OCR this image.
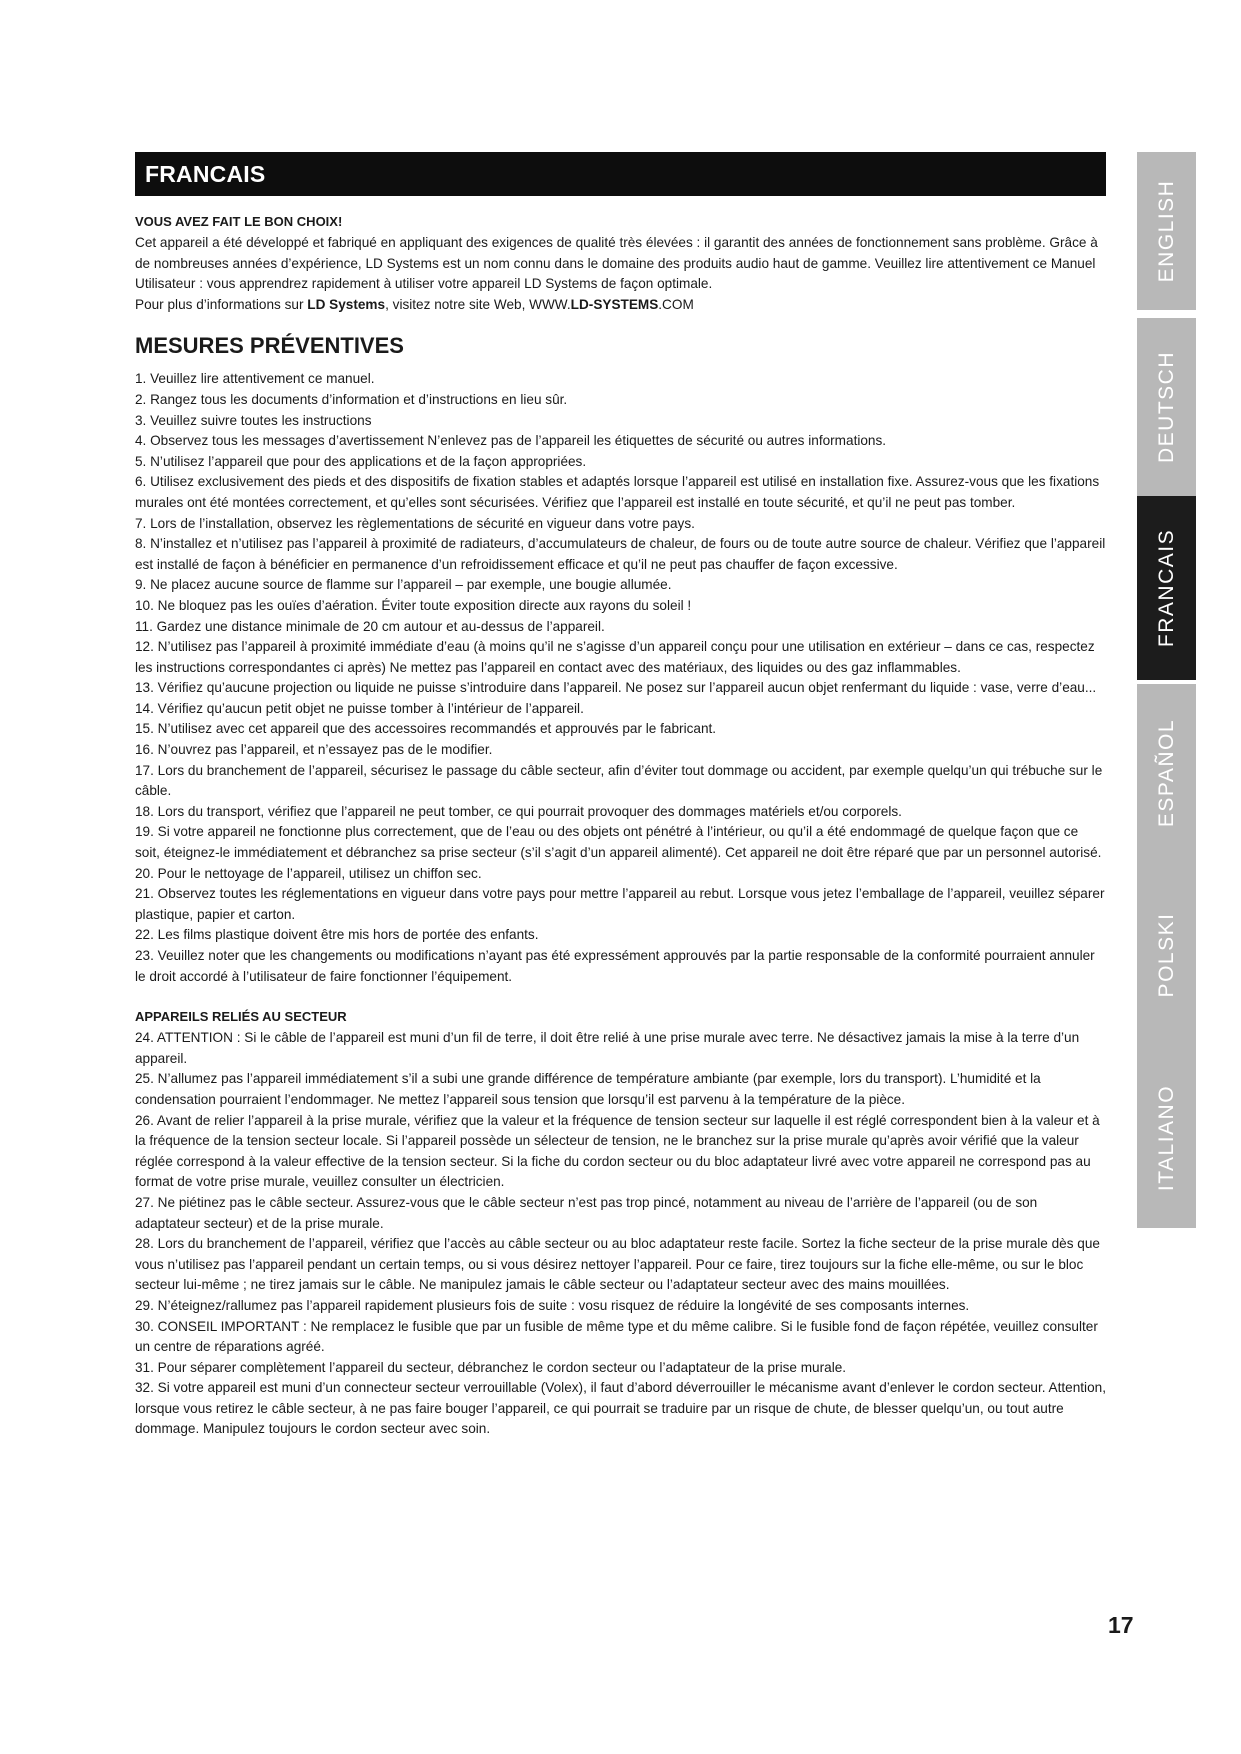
FRANCAIS
VOUS AVEZ FAIT LE BON CHOIX!

Cet appareil a été développé et fabriqué en appliquant des exigences de qualité très élevées : il garantit des années de fonctionnement sans problème. Grâce à de nombreuses années d’expérience, LD Systems est un nom connu dans le domaine des produits audio haut de gamme. Veuillez lire attentivement ce Manuel Utilisateur : vous apprendrez rapidement à utiliser votre appareil LD Systems de façon optimale.

Pour plus d’informations sur LD Systems, visitez notre site Web, WWW.LD-SYSTEMS.COM

MESURES PRÉVENTIVES
1. Veuillez lire attentivement ce manuel.
2. Rangez tous les documents d’information et d’instructions en lieu sûr.
3. Veuillez suivre toutes les instructions
4. Observez tous les messages d’avertissement N’enlevez pas de l’appareil les étiquettes de sécurité ou autres informations.
5. N’utilisez l’appareil que pour des applications et de la façon appropriées.
6. Utilisez exclusivement des pieds et des dispositifs de fixation stables et adaptés lorsque l’appareil est utilisé en installation fixe. Assurez-vous que les fixations murales ont été montées correctement, et qu’elles sont sécurisées. Vérifiez que l’appareil est installé en toute sécurité, et qu’il ne peut pas tomber.
7. Lors de l’installation, observez les règlementations de sécurité en vigueur dans votre pays.
8. N’installez et n’utilisez pas l’appareil à proximité de radiateurs, d’accumulateurs de chaleur, de fours ou de toute autre source de chaleur. Vérifiez que l’appareil est installé de façon à bénéficier en permanence d’un refroidissement efficace et qu’il ne peut pas chauffer de façon excessive.
9. Ne placez aucune source de flamme sur l’appareil – par exemple, une bougie allumée.
10. Ne bloquez pas les ouïes d’aération. Éviter toute exposition directe aux rayons du soleil !
11. Gardez une distance minimale de 20 cm autour et au-dessus de l’appareil.
12. N’utilisez pas l’appareil à proximité immédiate d’eau (à moins qu’il ne s’agisse d’un appareil conçu pour une utilisation en extérieur – dans ce cas, respectez les instructions correspondantes ci après) Ne mettez pas l’appareil en contact avec des matériaux, des liquides ou des gaz inflammables.
13. Vérifiez qu’aucune projection ou liquide ne puisse s’introduire dans l’appareil. Ne posez sur l’appareil aucun objet renfermant du liquide : vase, verre d’eau...
14. Vérifiez qu’aucun petit objet ne puisse tomber à l’intérieur de l’appareil.
15. N’utilisez avec cet appareil que des accessoires recommandés et approuvés par le fabricant.
16. N’ouvrez pas l’appareil, et n’essayez pas de le modifier.
17. Lors du branchement de l’appareil, sécurisez le passage du câble secteur, afin d’éviter tout dommage ou accident, par exemple quelqu’un qui trébuche sur le câble.
18. Lors du transport, vérifiez que l’appareil ne peut tomber, ce qui pourrait provoquer des dommages matériels et/ou corporels.
19. Si votre appareil ne fonctionne plus correctement, que de l’eau ou des objets ont pénétré à l’intérieur, ou qu’il a été endommagé de quelque façon que ce soit, éteignez-le immédiatement et débranchez sa prise secteur (s’il s’agit d’un appareil alimenté). Cet appareil ne doit être réparé que par un personnel autorisé.
20. Pour le nettoyage de l’appareil, utilisez un chiffon sec.
21. Observez toutes les réglementations en vigueur dans votre pays pour mettre l’appareil au rebut. Lorsque vous jetez l’emballage de l’appareil, veuillez séparer plastique, papier et carton.
22. Les films plastique doivent être mis hors de portée des enfants.
23. Veuillez noter que les changements ou modifications n’ayant pas été expressément approuvés par la partie responsable de la conformité pourraient annuler le droit accordé à l’utilisateur de faire fonctionner l’équipement.
APPAREILS RELIÉS AU SECTEUR
24. ATTENTION : Si le câble de l’appareil est muni d’un fil de terre, il doit être relié à une prise murale avec terre. Ne désactivez jamais la mise à la terre d’un appareil.
25. N’allumez pas l’appareil immédiatement s’il a subi une grande différence de température ambiante (par exemple, lors du transport). L’humidité et la condensation pourraient l’endommager. Ne mettez l’appareil sous tension que lorsqu’il est parvenu à la température de la pièce.
26. Avant de relier l’appareil à la prise murale, vérifiez que la valeur et la fréquence de tension secteur sur laquelle il est réglé correspondent bien à la valeur et à la fréquence de la tension secteur locale. Si l’appareil possède un sélecteur de tension, ne le branchez sur la prise murale qu’après avoir vérifié que la valeur réglée correspond à la valeur effective de la tension secteur. Si la fiche du cordon secteur ou du bloc adaptateur livré avec votre appareil ne correspond pas au format de votre prise murale, veuillez consulter un électricien.
27. Ne piétinez pas le câble secteur. Assurez-vous que le câble secteur n’est pas trop pincé, notamment au niveau de l’arrière de l’appareil (ou de son adaptateur secteur) et de la prise murale.
28. Lors du branchement de l’appareil, vérifiez que l’accès au câble secteur ou au bloc adaptateur reste facile. Sortez la fiche secteur de la prise murale dès que vous n’utilisez pas l’appareil pendant un certain temps, ou si vous désirez nettoyer l’appareil. Pour ce faire, tirez toujours sur la fiche elle-même, ou sur le bloc secteur lui-même ; ne tirez jamais sur le câble. Ne manipulez jamais le câble secteur ou l’adaptateur secteur avec des mains mouillées.
29. N’éteignez/rallumez pas l’appareil rapidement plusieurs fois de suite : vosu risquez de réduire la longévité de ses composants internes.
30. CONSEIL IMPORTANT : Ne remplacez le fusible que par un fusible de même type et du même calibre. Si le fusible fond de façon répétée, veuillez consulter un centre de réparations agréé.
31. Pour séparer complètement l’appareil du secteur, débranchez le cordon secteur ou l’adaptateur de la prise murale.
32. Si votre appareil est muni d’un connecteur secteur verrouillable (Volex), il faut d’abord déverrouiller le mécanisme avant d’enlever le cordon secteur. Attention, lorsque vous retirez le câble secteur, à ne pas faire bouger l’appareil, ce qui pourrait se traduire par un risque de chute, de blesser quelqu’un, ou tout autre dommage. Manipulez toujours le cordon secteur avec soin.
ENGLISH
DEUTSCH
FRANCAIS
ESPAÑOL
POLSKI
ITALIANO
17
